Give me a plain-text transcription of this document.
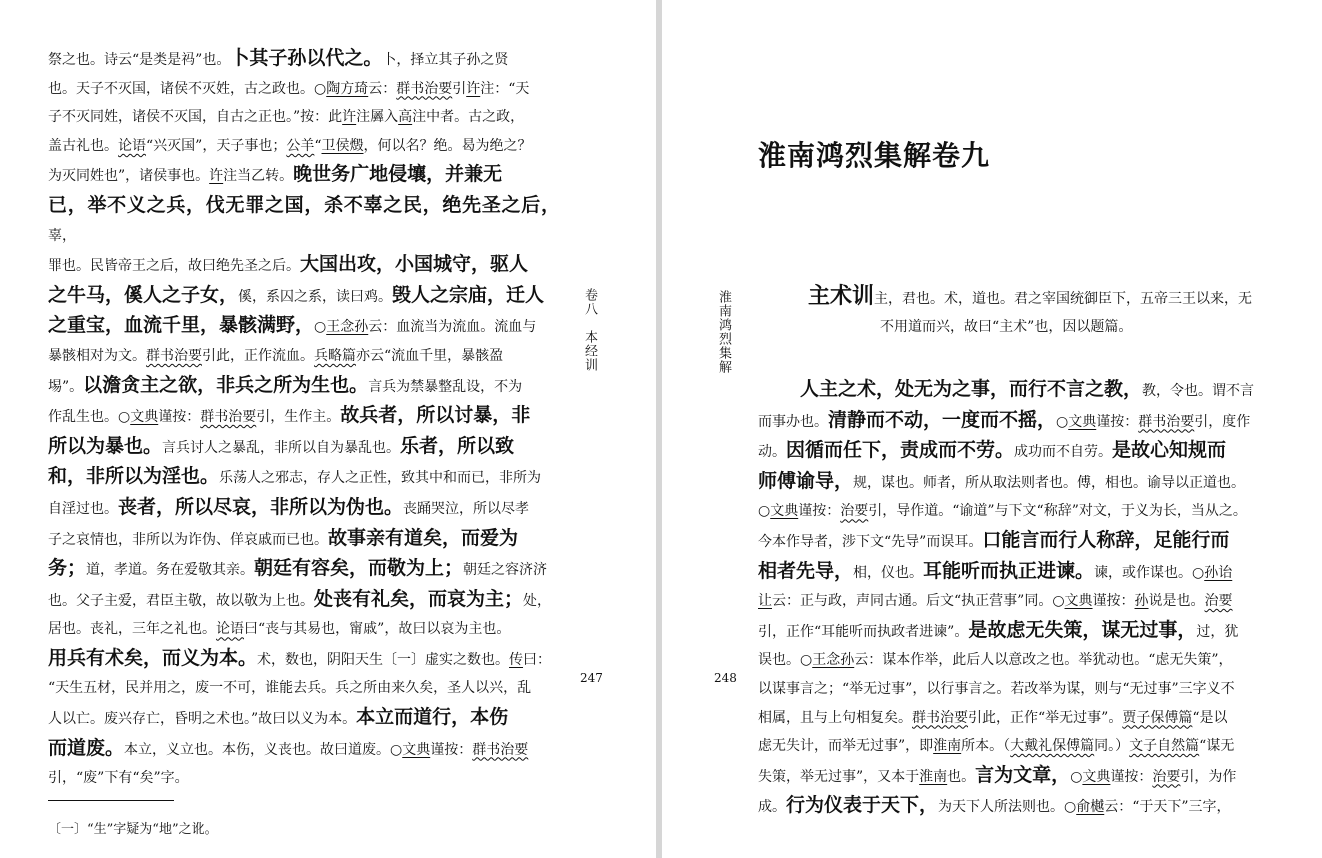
祭之也。诗云“是类是祃”也。卜其子孙以代之。卜，择立其子孙之贤
也。天子不灭国，诸侯不灭姓，古之政也。○陶方琦云：群书治要引许注：“天
子不灭同姓，诸侯不灭国，自古之正也。”按：此许注羼入高注中者。古之政，
盖古礼也。论语“兴灭国”，天子事也；公羊“卫侯燬，何以名？绝。曷为绝之？
为灭同姓也”，诸侯事也。许注当乙转。晚世务广地侵壤，并兼无
已，举不义之兵，伐无罪之国，杀不辜之民，绝先圣之后，辜，
罪也。民皆帝王之后，故曰绝先圣之后。大国出攻，小国城守，驱人
之牛马，傒人之子女，傒，系囚之系，读曰鸡。毁人之宗庙，迁人
之重宝，血流千里，暴骸满野，○王念孙云：血流当为流血。流血与
暴骸相对为文。群书治要引此，正作流血。兵略篇亦云“流血千里，暴骸盈
埸”。以澹贪主之欲，非兵之所为生也。言兵为禁暴整乱设，不为
作乱生也。○文典谨按：群书治要引，生作主。故兵者，所以讨暴，非
所以为暴也。言兵讨人之暴乱，非所以自为暴乱也。乐者，所以致
和，非所以为淫也。乐荡人之邪志，存人之正性，致其中和而已，非所为
自淫过也。丧者，所以尽哀，非所以为伪也。丧踊哭泣，所以尽孝
子之哀情也，非所以为诈伪、佯哀戚而已也。故事亲有道矣，而爱为
务；道，孝道。务在爱敬其亲。朝廷有容矣，而敬为上；朝廷之容济济
也。父子主爱，君臣主敬，故以敬为上也。处丧有礼矣，而哀为主；处，
居也。丧礼，三年之礼也。论语曰“丧与其易也，甯戚”，故曰以哀为主也。
用兵有术矣，而义为本。术，数也，阴阳天生〔一〕虚实之数也。传曰：
“天生五材，民并用之，废一不可，谁能去兵。兵之所由来久矣，圣人以兴，乱
人以亡。废兴存亡，昏明之术也。”故曰以义为本。本立而道行，本伤
而道废。本立，义立也。本伤，义丧也。故曰道废。○文典谨按：群书治要
引，“废”下有“矣”字。
卷八　本经训
247
〔一〕“生”字疑为“地”之讹。
淮南鸿烈集解
248
淮南鸿烈集解卷九
主术训主，君也。术，道也。君之宰国统御臣下，五帝三王以来，无
不用道而兴，故曰“主术”也，因以题篇。
人主之术，处无为之事，而行不言之教，教，令也。谓不言
而事办也。清静而不动，一度而不摇，○文典谨按：群书治要引，度作
动。因循而任下，责成而不劳。成功而不自劳。是故心知规而
师傅谕导，规，谋也。师者，所从取法则者也。傅，相也。谕导以正道也。
○文典谨按：治要引，导作道。“谕道”与下文“称辞”对文，于义为长，当从之。
今本作导者，涉下文“先导”而误耳。口能言而行人称辞，足能行而
相者先导，相，仪也。耳能听而执正进谏。谏，或作谋也。○孙诒
让云：正与政，声同古通。后文“执正营事”同。○文典谨按：孙说是也。治要
引，正作“耳能听而执政者进谏”。是故虑无失策，谋无过事，过，犹
误也。○王念孙云：谋本作举，此后人以意改之也。举犹动也。“虑无失策”，
以谋事言之；“举无过事”，以行事言之。若改举为谋，则与“无过事”三字义不
相属，且与上句相复矣。群书治要引此，正作“举无过事”。贾子保傅篇“是以
虑无失计，而举无过事”，即淮南所本。（大戴礼保傅篇同。）文子自然篇“谋无
失策，举无过事”，又本于淮南也。言为文章，○文典谨按：治要引，为作
成。行为仪表于天下，为天下人所法则也。○俞樾云：“于天下”三字，
